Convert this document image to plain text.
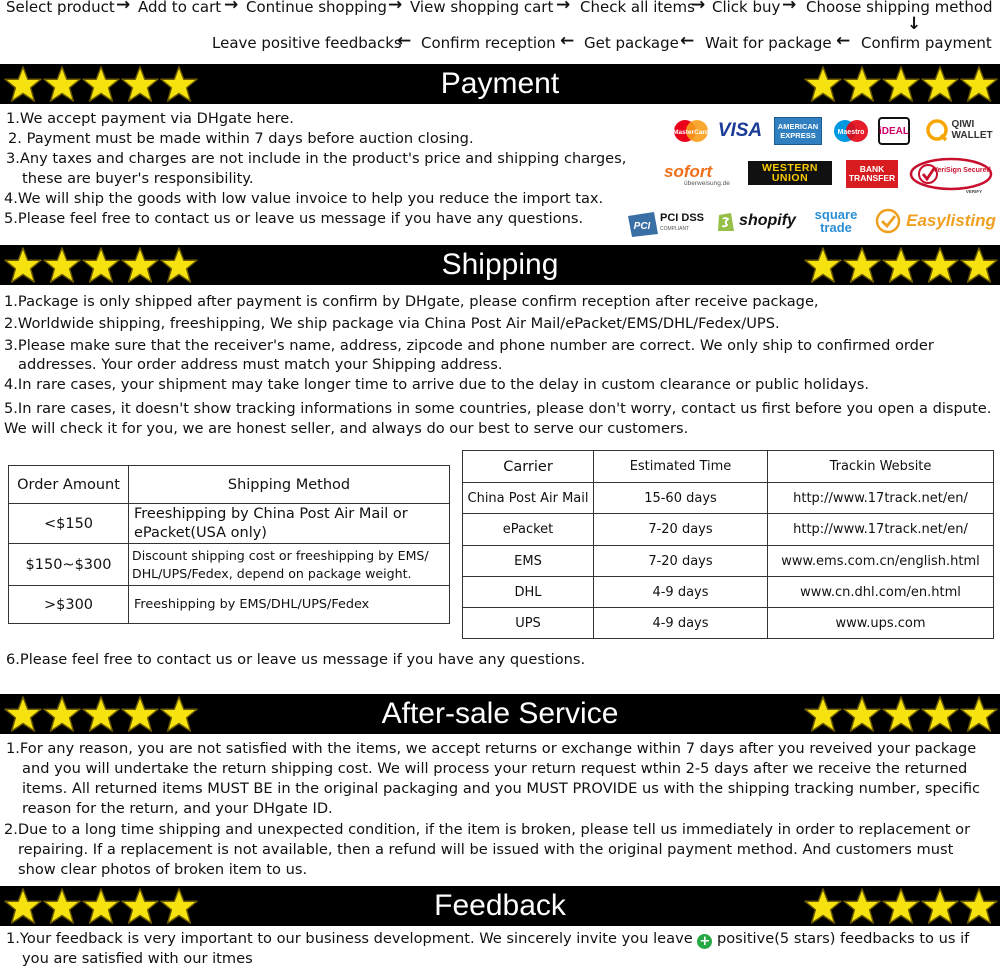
Select product → Add to cart → Continue shopping → View shopping cart → Check all items
→ Click buy → Choose shipping method
↓
Leave positive feedbacks
← Confirm reception ← Get package ← Wait for package ← Confirm payment
Payment
1.We accept payment via DHgate here.
2. Payment must be made within 7 days before auction closing.
3.Any taxes and charges are not include in the product's price and shipping charges,
these are buyer's responsibility.
4.We will ship the goods with low value invoice to help you reduce the import tax.
5.Please feel free to contact us or leave us message if you have any questions.
MasterCard VISA	AMERICAN EXPRESS	Maestro iDEAL
QIWI WALLET
sofort
überweisung.de
WESTERN UNION
BANK TRANSFER
VeriSign Secured
VERIFY
PCI
PCI DSS
COMPLIANT	shopify	square trade	Easylisting
Shipping
1.Package is only shipped after payment is confirm by DHgate, please confirm reception after receive package,
2.Worldwide shipping, freeshipping, We ship package via China Post Air Mail/ePacket/EMS/DHL/Fedex/UPS.
3.Please make sure that the receiver's name, address, zipcode and phone number are correct. We only ship to confirmed order
addresses. Your order address must match your Shipping address.
4.In rare cases, your shipment may take longer time to arrive due to the delay in custom clearance or public holidays.
5.In rare cases, it doesn't show tracking informations in some countries, please don't worry, contact us first before you open a dispute.
We will check it for you, we are honest seller, and always do our best to serve our customers.
Order Amount	Shipping Method
<$150	Freeshipping by China Post Air Mail or
ePacket(USA only)

$150~$300	Discount shipping cost or freeshipping by EMS/
DHL/UPS/Fedex, depend on package weight.

>$300	Freeshipping by EMS/DHL/UPS/Fedex
Carrier	Estimated Time	Trackin Website
China Post Air Mail	15-60 days	http://www.17track.net/en/
ePacket	7-20 days	http://www.17track.net/en/
EMS	7-20 days	www.ems.com.cn/english.html
DHL	4-9 days	www.cn.dhl.com/en.html
UPS	4-9 days	www.ups.com
6.Please feel free to contact us or leave us message if you have any questions.
After-sale Service
1.For any reason, you are not satisfied with the items, we accept returns or exchange within 7 days after you reveived your package
and you will undertake the return shipping cost. We will process your return request wthin 2-5 days after we receive the returned
items. All returned items MUST BE in the original packaging and you MUST PROVIDE us with the shipping tracking number, specific
reason for the return, and your DHgate ID.
2.Due to a long time shipping and unexpected condition, if the item is broken, please tell us immediately in order to replacement or
repairing. If a replacement is not available, then a refund will be issued with the original payment method. And customers must
show clear photos of broken item to us.
Feedback
1.Your feedback is very important to our business development. We sincerely invite you leave + positive(5 stars) feedbacks to us if
you are satisfied with our itmes
